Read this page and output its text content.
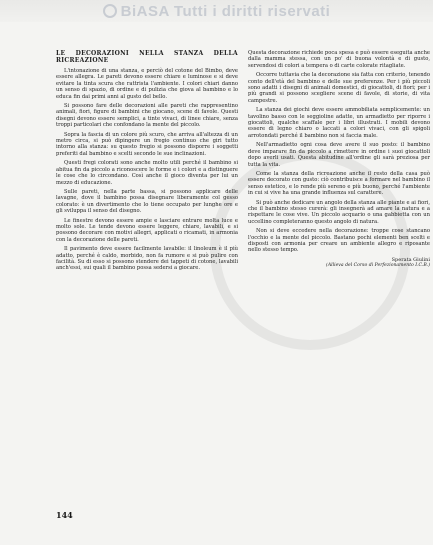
BiASA Tutti i diritti riservati
LE DECORAZIONI NELLA STANZA DELLA RICREAZIONE

L'intonazione di una stanza, e perciò del cotone del Bimbo, deve essere allegra. Le pareti devono essere chiare e luminose e si deve evitare la tinta scura che rattrista l'ambiente. I colori chiari danno un senso di spazio, di ordine e di pulizia che giova al bambino e lo educa fin dai primi anni al gusto del bello.

Si possono fare delle decorazioni alle pareti che rappresentino animali, fiori, figure di bambini che giocano, scene di favole. Questi disegni devono essere semplici, a tinte vivaci, di linee chiare, senza troppi particolari che confondano la mente del piccolo.

Sopra la fascia di un colore più scuro, che arriva all'altezza di un metro circa, si può dipingere un fregio continuo che giri tutto intorno alla stanza: su questo fregio si possono disporre i soggetti preferiti dal bambino e scelti secondo le sue inclinazioni.

Questi fregi colorati sono anche molto utili perché il bambino si abitua fin da piccolo a riconoscere le forme e i colori e a distinguere le cose che lo circondano. Così anche il gioco diventa per lui un mezzo di educazione.

Sulle pareti, nella parte bassa, si possono applicare delle lavagne, dove il bambino possa disegnare liberamente col gesso colorato: è un divertimento che lo tiene occupato per lunghe ore e gli sviluppa il senso del disegno.

Le finestre devono essere ampie e lasciare entrare molta luce e molto sole. Le tende devono essere leggere, chiare, lavabili, e si possono decorare con motivi allegri, applicati o ricamati, in armonia con la decorazione delle pareti.

Il pavimento deve essere facilmente lavabile: il linoleum è il più adatto, perché è caldo, morbido, non fa rumore e si può pulire con facilità. Su di esso si possono stendere dei tappeti di cotone, lavabili anch'essi, sui quali il bambino possa sedersi a giocare.

Questa decorazione richiede poca spesa e può essere eseguita anche dalla mamma stessa, con un po' di buona volontà e di gusto, servendosi di colori a tempera o di carte colorate ritagliate.

Occorre tuttavia che la decorazione sia fatta con criterio, tenendo conto dell'età del bambino e delle sue preferenze. Per i più piccoli sono adatti i disegni di animali domestici, di giocattoli, di fiori; per i più grandi si possono scegliere scene di favole, di storie, di vita campestre.

La stanza dei giochi deve essere ammobiliata semplicemente: un tavolino basso con le seggioline adatte, un armadietto per riporre i giocattoli, qualche scaffale per i libri illustrati. I mobili devono essere di legno chiaro o laccati a colori vivaci, con gli spigoli arrotondati perché il bambino non si faccia male.

Nell'armadietto ogni cosa deve avere il suo posto: il bambino deve imparare fin da piccolo a rimettere in ordine i suoi giocattoli dopo averli usati. Questa abitudine all'ordine gli sarà preziosa per tutta la vita.

Come la stanza della ricreazione anche il resto della casa può essere decorato con gusto: ciò contribuisce a formare nel bambino il senso estetico, e lo rende più sereno e più buono, perché l'ambiente in cui si vive ha una grande influenza sul carattere.

Si può anche dedicare un angolo della stanza alle piante e ai fiori, che il bambino stesso curerà: gli insegnerà ad amare la natura e a rispettare le cose vive. Un piccolo acquario o una gabbietta con un uccellino completeranno questo angolo di natura.

Non si deve eccedere nella decorazione: troppe cose stancano l'occhio e la mente del piccolo. Bastano pochi elementi ben scelti e disposti con armonia per creare un ambiente allegro e riposante nello stesso tempo.

Sperata Giulini
(Allieva del Corso di Perfezionamento I.C.B.)
144
